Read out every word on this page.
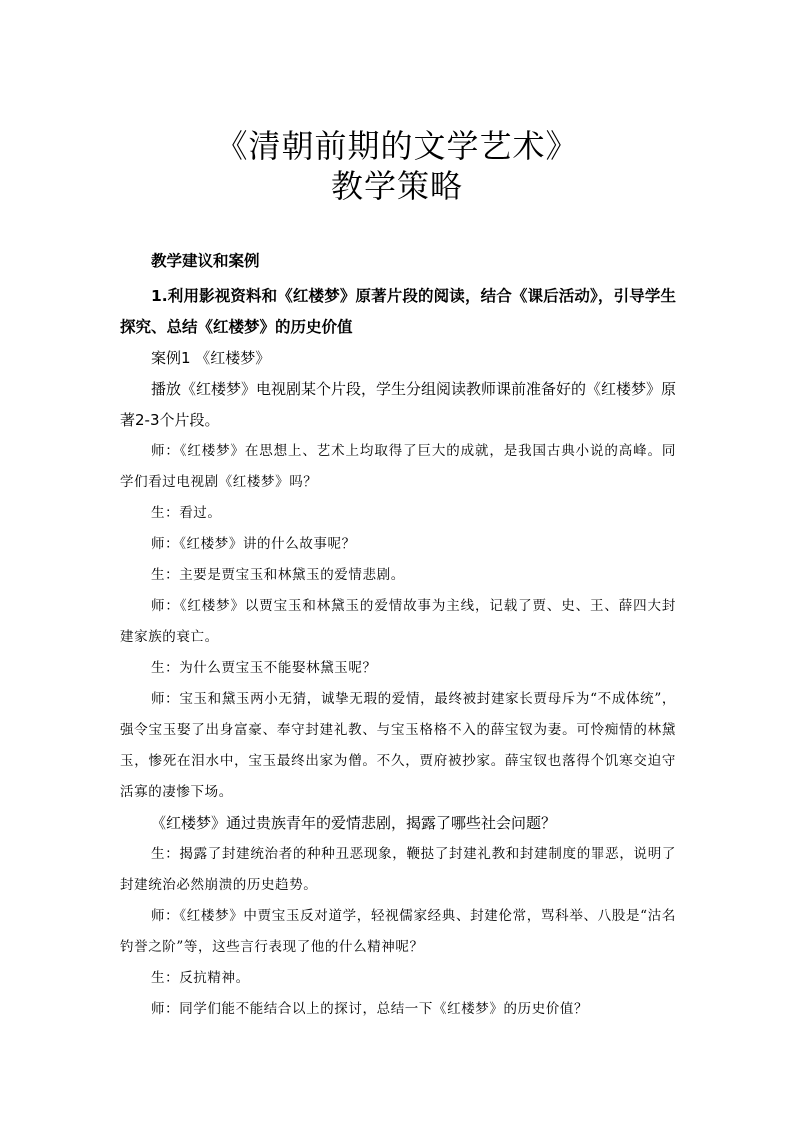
《清朝前期的文学艺术》
教学策略

教学建议和案例

1.利用影视资料和《红楼梦》原著片段的阅读，结合《课后活动》，引导学生探究、总结《红楼梦》的历史价值

案例1 《红楼梦》

播放《红楼梦》电视剧某个片段，学生分组阅读教师课前准备好的《红楼梦》原著2-3个片段。

师：《红楼梦》在思想上、艺术上均取得了巨大的成就，是我国古典小说的高峰。同学们看过电视剧《红楼梦》吗？

生：看过。

师：《红楼梦》讲的什么故事呢？

生：主要是贾宝玉和林黛玉的爱情悲剧。

师：《红楼梦》以贾宝玉和林黛玉的爱情故事为主线，记载了贾、史、王、薛四大封建家族的衰亡。

生：为什么贾宝玉不能娶林黛玉呢？

师：宝玉和黛玉两小无猜，诚挚无瑕的爱情，最终被封建家长贾母斥为“不成体统”，强令宝玉娶了出身富豪、奉守封建礼教、与宝玉格格不入的薛宝钗为妻。可怜痴情的林黛玉，惨死在泪水中，宝玉最终出家为僧。不久，贾府被抄家。薛宝钗也落得个饥寒交迫守活寡的凄惨下场。

《红楼梦》通过贵族青年的爱情悲剧，揭露了哪些社会问题？

生：揭露了封建统治者的种种丑恶现象，鞭挞了封建礼教和封建制度的罪恶，说明了封建统治必然崩溃的历史趋势。

师：《红楼梦》中贾宝玉反对道学，轻视儒家经典、封建伦常，骂科举、八股是“沽名钓誉之阶”等，这些言行表现了他的什么精神呢？

生：反抗精神。

师：同学们能不能结合以上的探讨，总结一下《红楼梦》的历史价值？
